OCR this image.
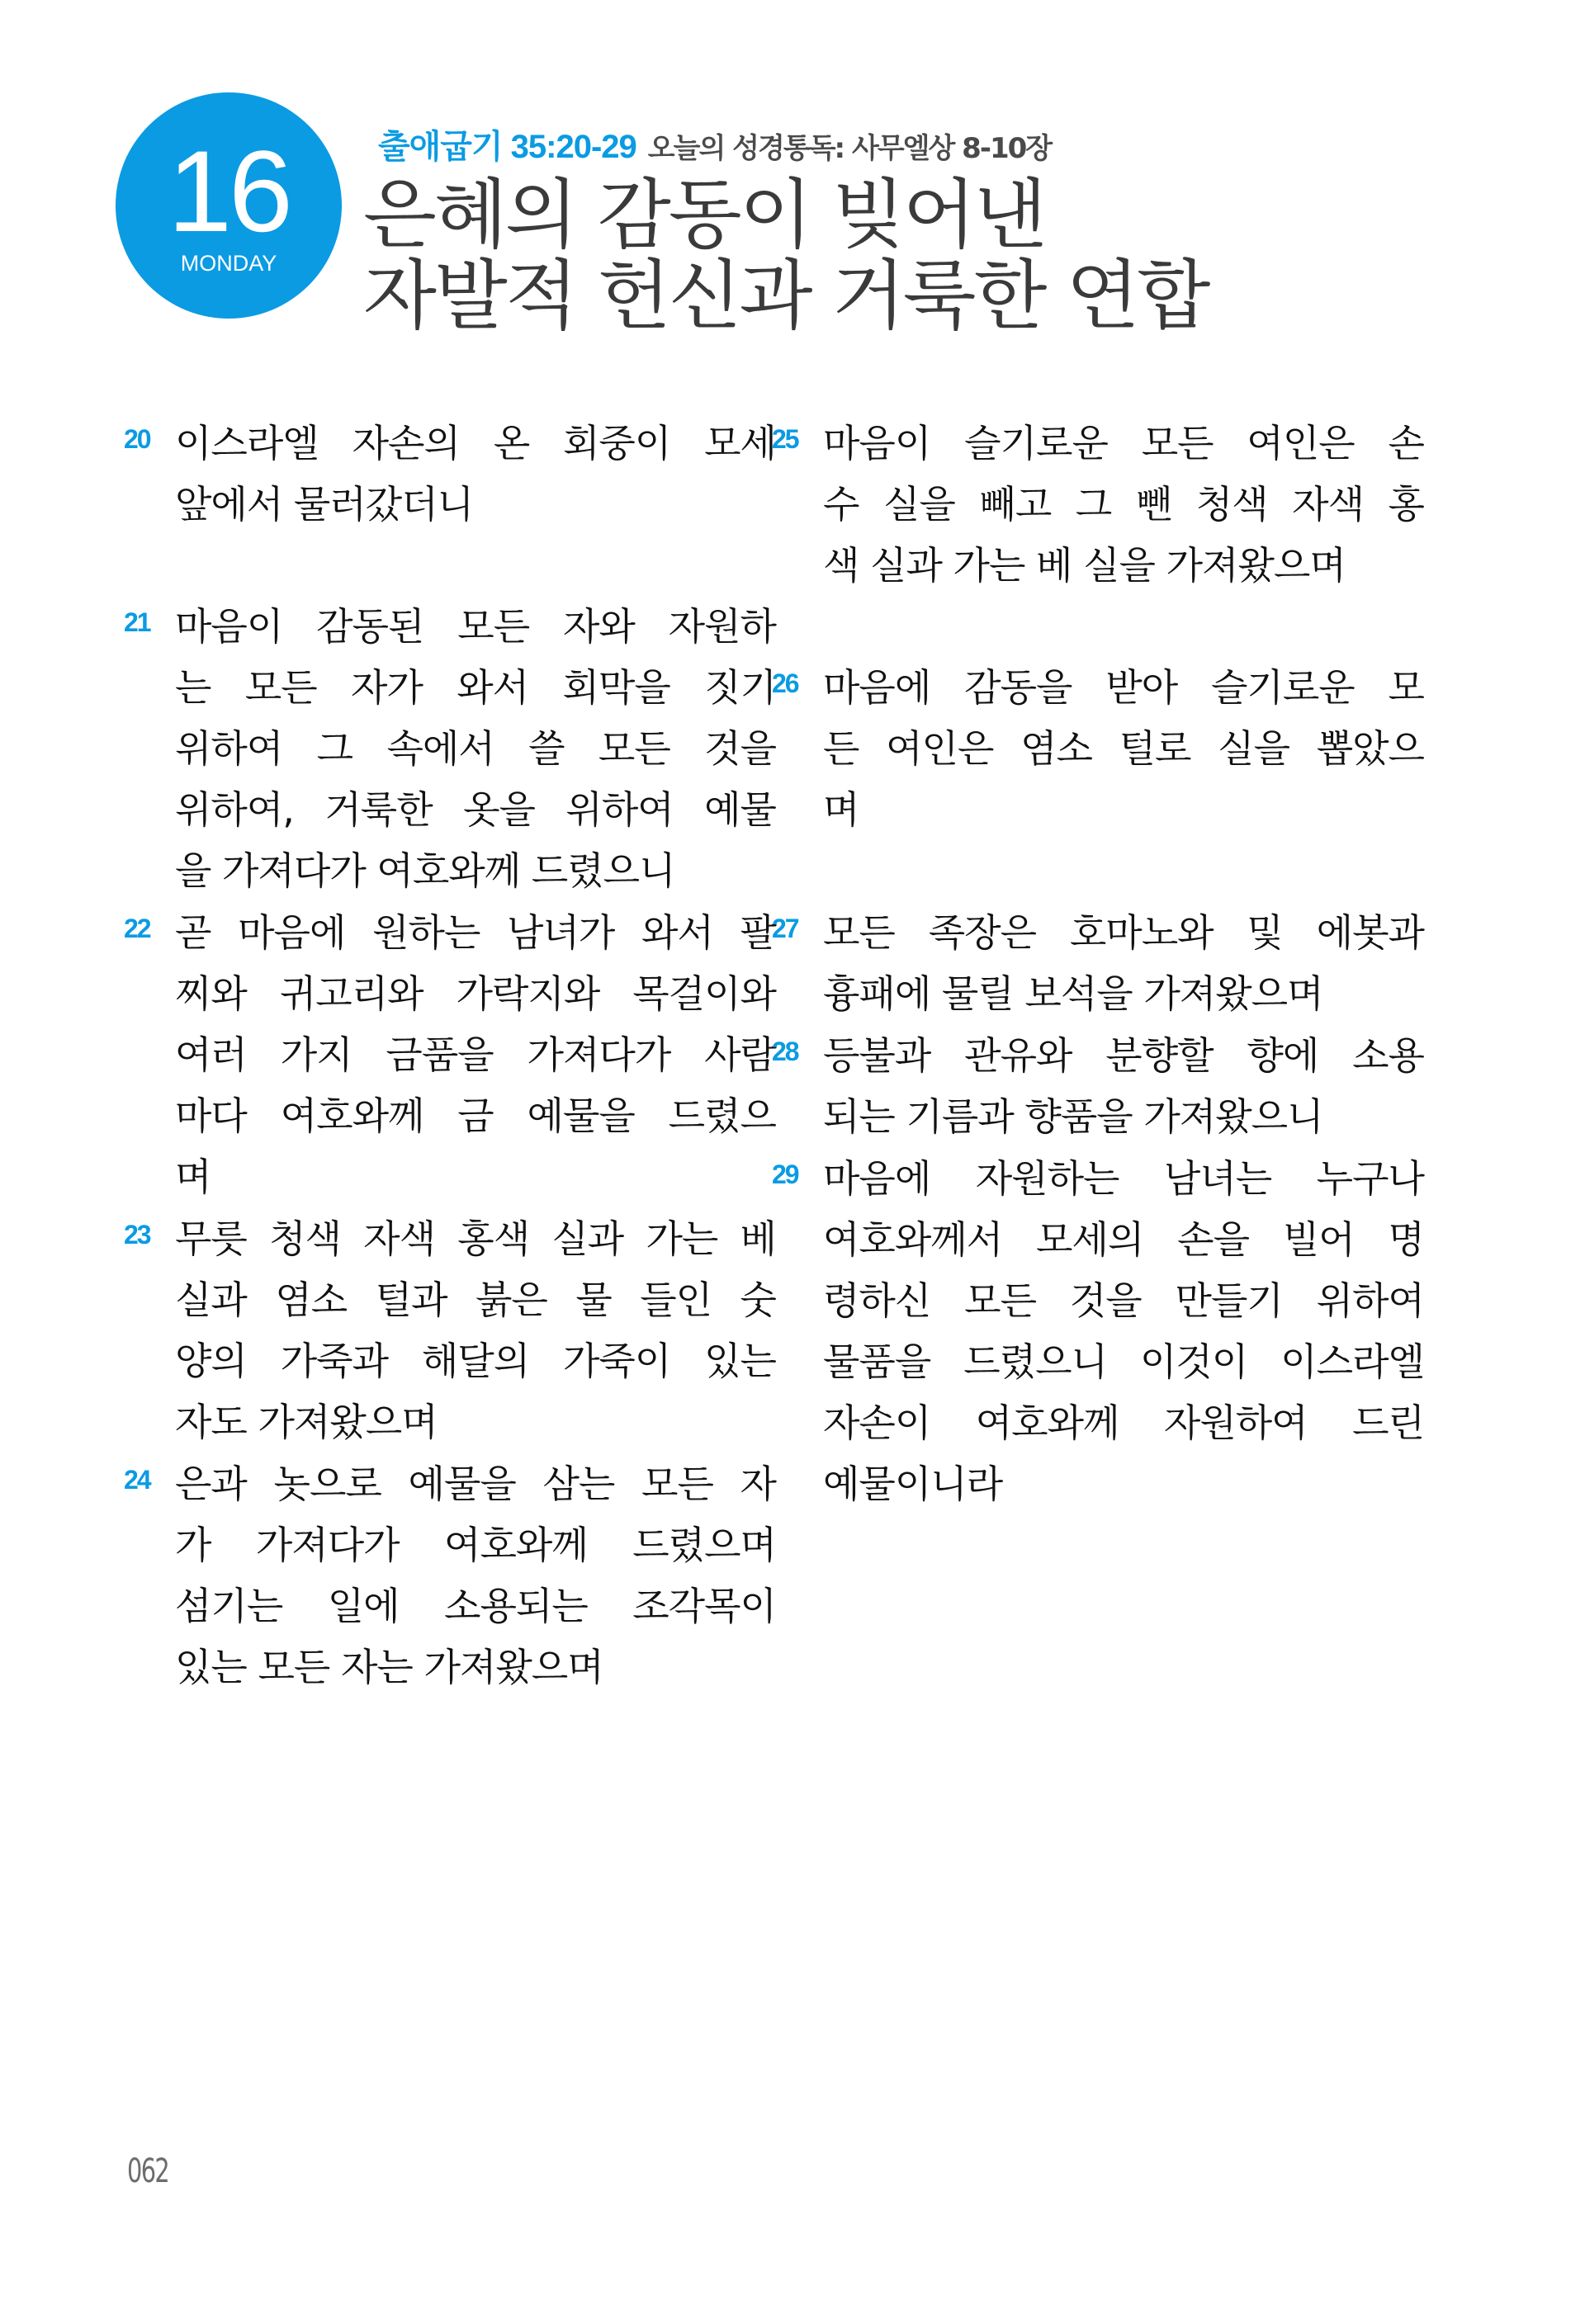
16
MONDAY
출애굽기 35:20-29 오늘의 성경통독: 사무엘상 8-10장
은혜의 감동이 빚어낸
자발적 헌신과 거룩한 연합
20 이스라엘 자손의 온 회중이 모세
앞에서 물러갔더니
21 마음이 감동된 모든 자와 자원하
는 모든 자가 와서 회막을 짓기
위하여 그 속에서 쓸 모든 것을
위하여, 거룩한 옷을 위하여 예물
을 가져다가 여호와께 드렸으니
22 곧 마음에 원하는 남녀가 와서 팔
찌와 귀고리와 가락지와 목걸이와
여러 가지 금품을 가져다가 사람
마다 여호와께 금 예물을 드렸으
며
23 무릇 청색 자색 홍색 실과 가는 베
실과 염소 털과 붉은 물 들인 숫
양의 가죽과 해달의 가죽이 있는
자도 가져왔으며
24 은과 놋으로 예물을 삼는 모든 자
가 가져다가 여호와께 드렸으며
섬기는 일에 소용되는 조각목이
있는 모든 자는 가져왔으며
25 마음이 슬기로운 모든 여인은 손
수 실을 빼고 그 뺀 청색 자색 홍
색 실과 가는 베 실을 가져왔으며
26 마음에 감동을 받아 슬기로운 모
든 여인은 염소 털로 실을 뽑았으
며
27 모든 족장은 호마노와 및 에봇과
흉패에 물릴 보석을 가져왔으며
28 등불과 관유와 분향할 향에 소용
되는 기름과 향품을 가져왔으니
29 마음에 자원하는 남녀는 누구나
여호와께서 모세의 손을 빌어 명
령하신 모든 것을 만들기 위하여
물품을 드렸으니 이것이 이스라엘
자손이 여호와께 자원하여 드린
예물이니라
062
